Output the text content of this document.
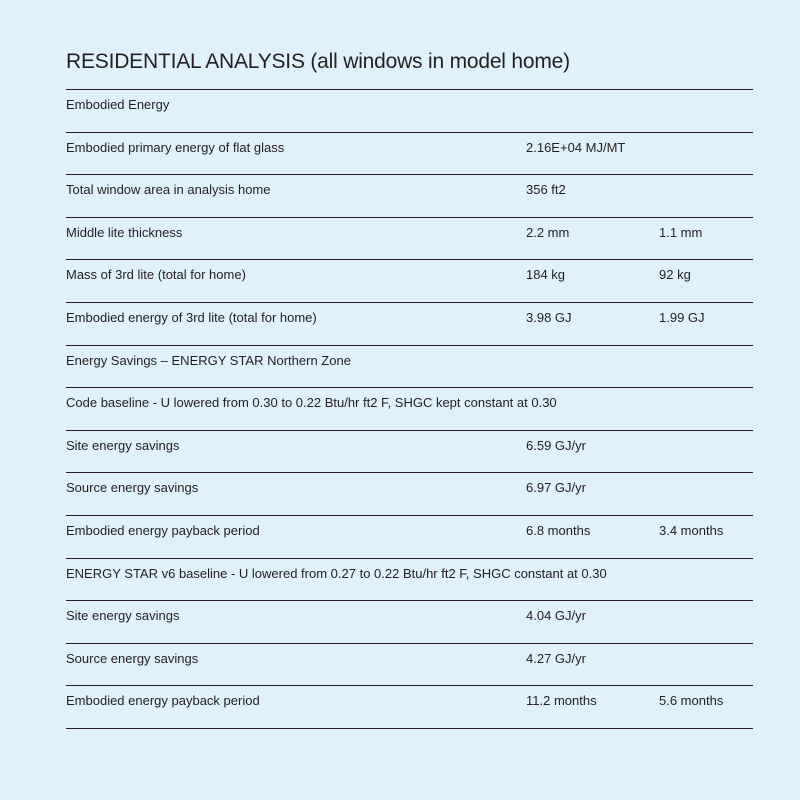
RESIDENTIAL ANALYSIS (all windows in model home)
Embodied Energy
Embodied primary energy of flat glass	2.16E+04 MJ/MT
Total window area in analysis home	356 ft2
Middle lite thickness	2.2 mm	1.1 mm
Mass of 3rd lite (total for home)	184 kg	92 kg
Embodied energy of 3rd lite (total for home)	3.98 GJ	1.99 GJ
Energy Savings – ENERGY STAR Northern Zone
Code baseline - U lowered from 0.30 to 0.22 Btu/hr ft2 F, SHGC kept constant at 0.30
Site energy savings	6.59 GJ/yr
Source energy savings	6.97 GJ/yr
Embodied energy payback period	6.8 months	3.4 months
ENERGY STAR v6 baseline - U lowered from 0.27 to 0.22 Btu/hr ft2 F, SHGC constant at 0.30
Site energy savings	4.04 GJ/yr
Source energy savings	4.27 GJ/yr
Embodied energy payback period	11.2 months	5.6 months
